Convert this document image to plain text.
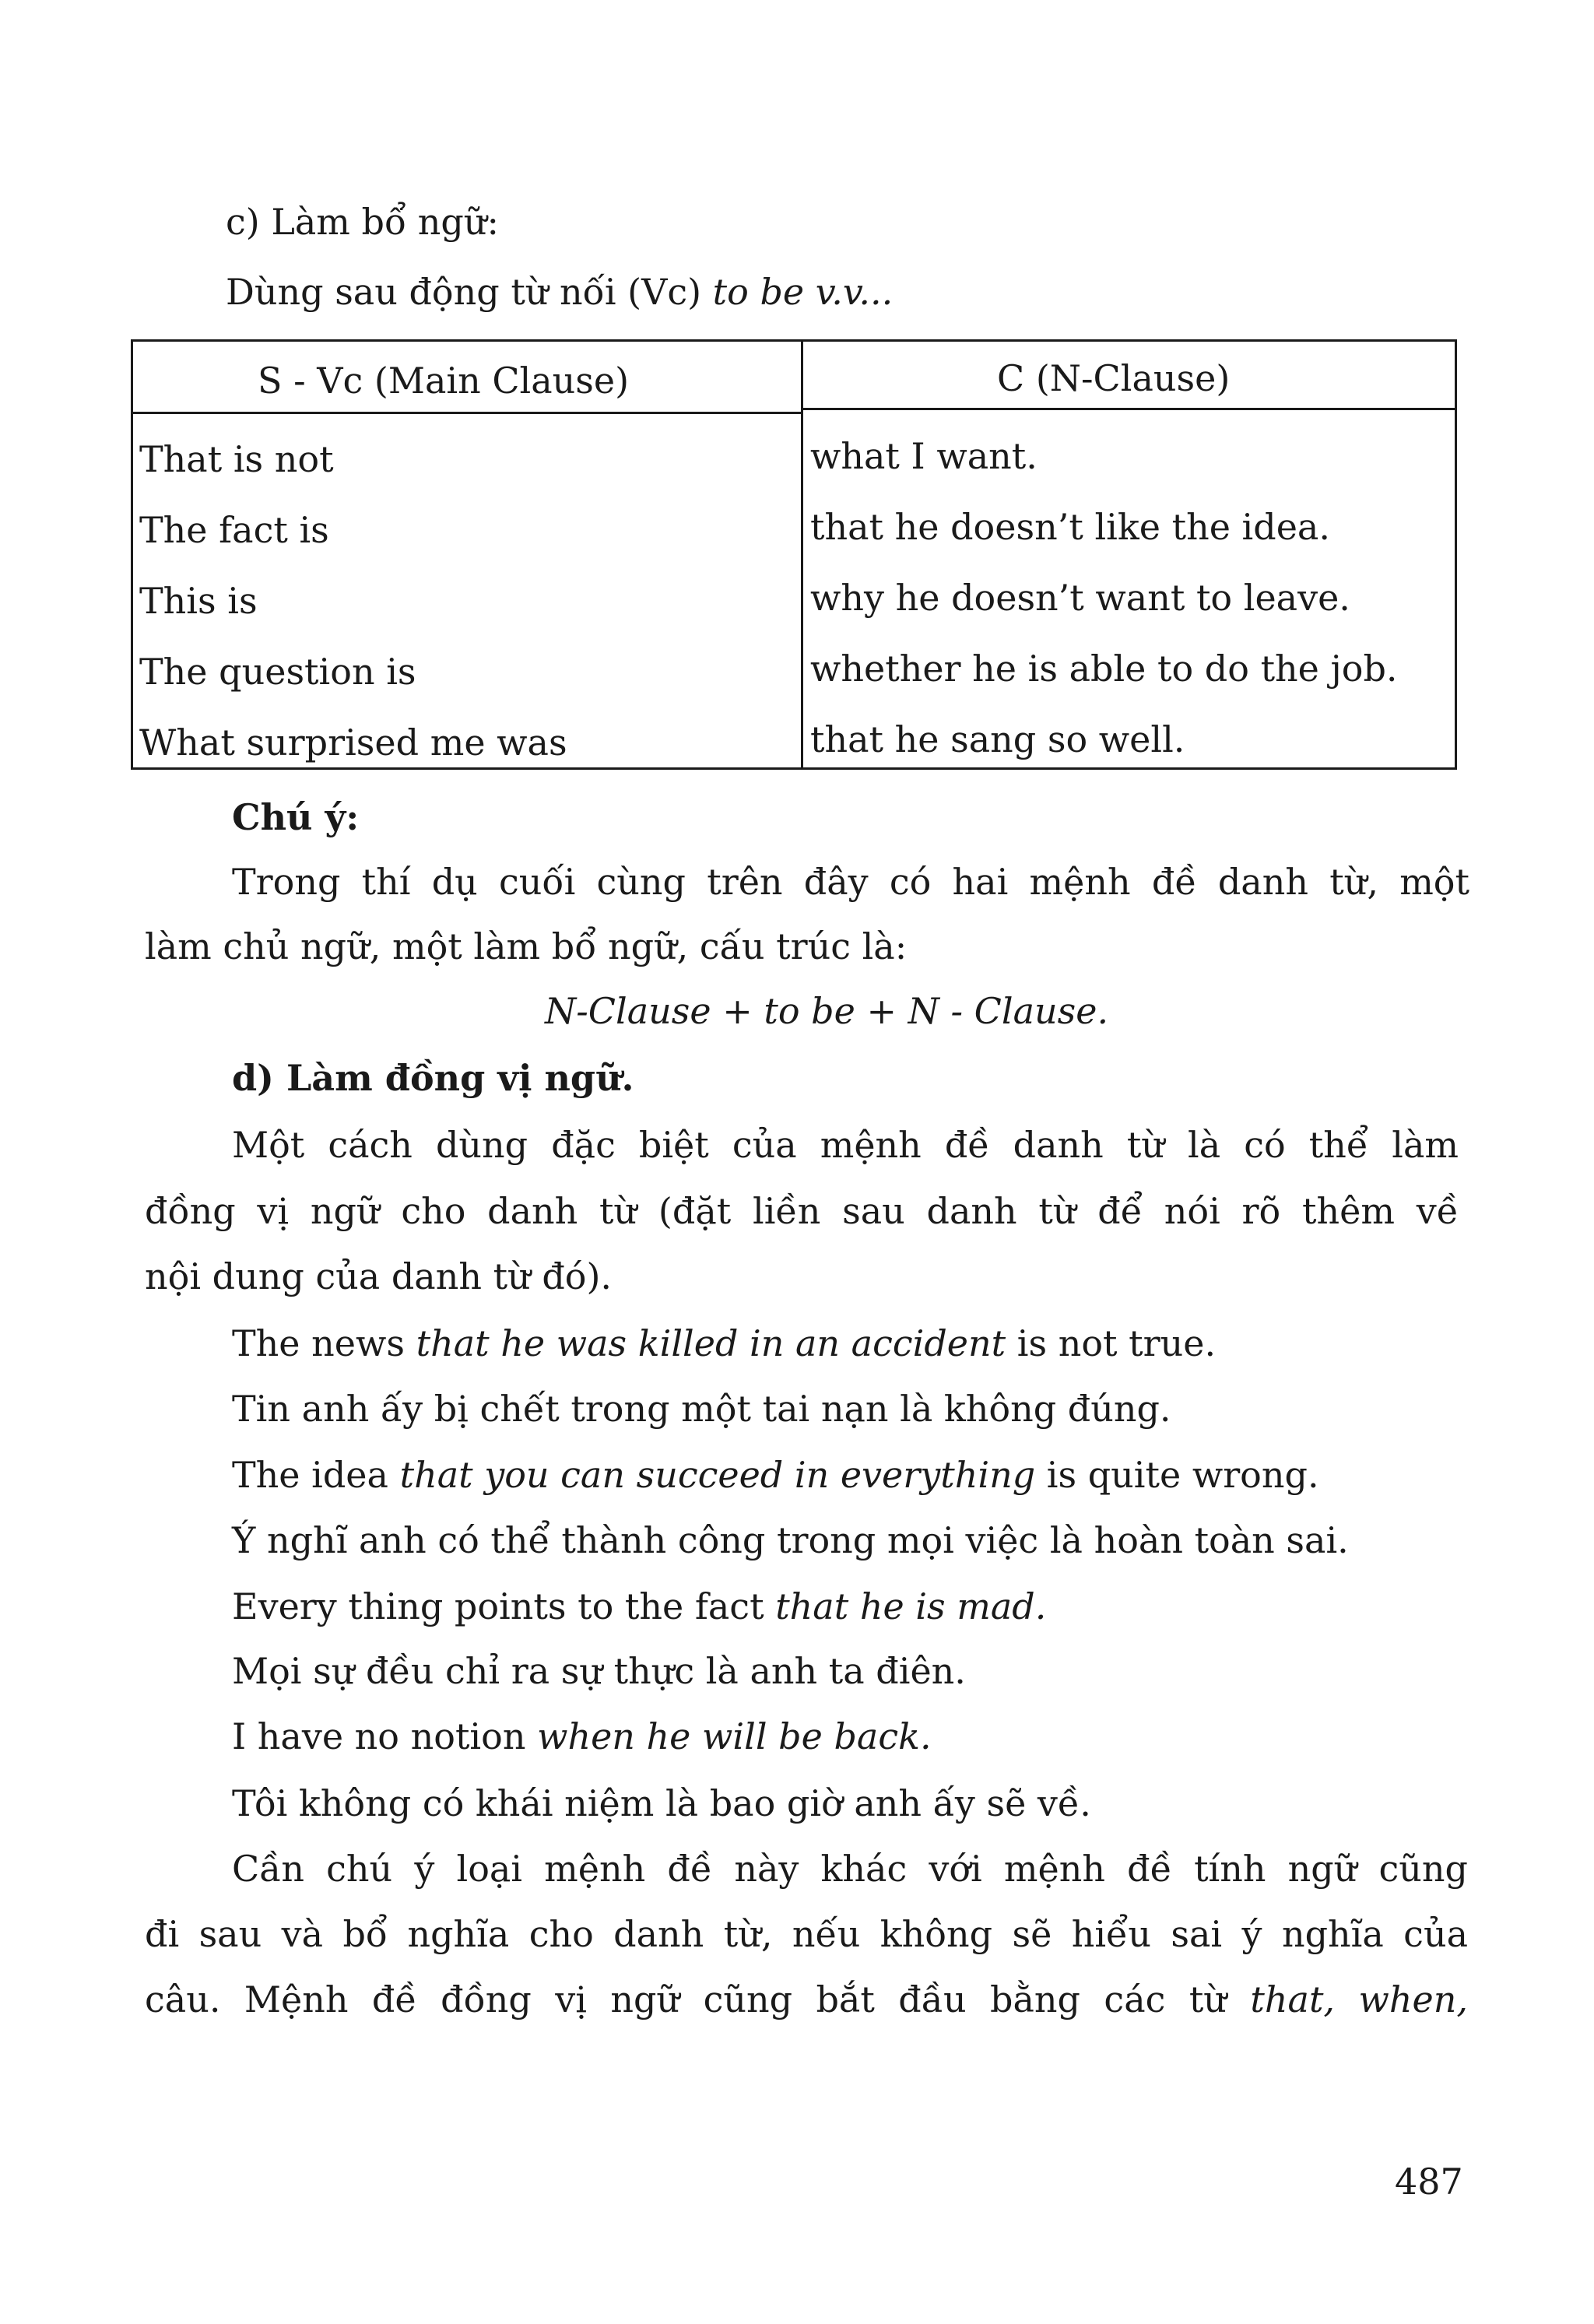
c) Làm bổ ngữ:
Dùng sau động từ nối (Vc) to be v.v...
S - Vc (Main Clause)	C (N-Clause)
That is not	what I want.
The fact is	that he doesn’t like the idea.
This is	why he doesn’t want to leave.
The question is	whether he is able to do the job.
What surprised me was	that he sang so well.
Chú ý:
Trong thí dụ cuối cùng trên đây có hai mệnh đề danh từ, một
làm chủ ngữ, một làm bổ ngữ, cấu trúc là:
N-Clause + to be + N - Clause.
d) Làm đồng vị ngữ.
Một cách dùng đặc biệt của mệnh đề danh từ là có thể làm
đồng vị ngữ cho danh từ (đặt liền sau danh từ để nói rõ thêm về
nội dung của danh từ đó).
The news that he was killed in an accident is not true.
Tin anh ấy bị chết trong một tai nạn là không đúng.
The idea that you can succeed in everything is quite wrong.
Ý nghĩ anh có thể thành công trong mọi việc là hoàn toàn sai.
Every thing points to the fact that he is mad.
Mọi sự đều chỉ ra sự thực là anh ta điên.
I have no notion when he will be back.
Tôi không có khái niệm là bao giờ anh ấy sẽ về.
Cần chú ý loại mệnh đề này khác với mệnh đề tính ngữ cũng
đi sau và bổ nghĩa cho danh từ, nếu không sẽ hiểu sai ý nghĩa của
câu. Mệnh đề đồng vị ngữ cũng bắt đầu bằng các từ that, when,
487
